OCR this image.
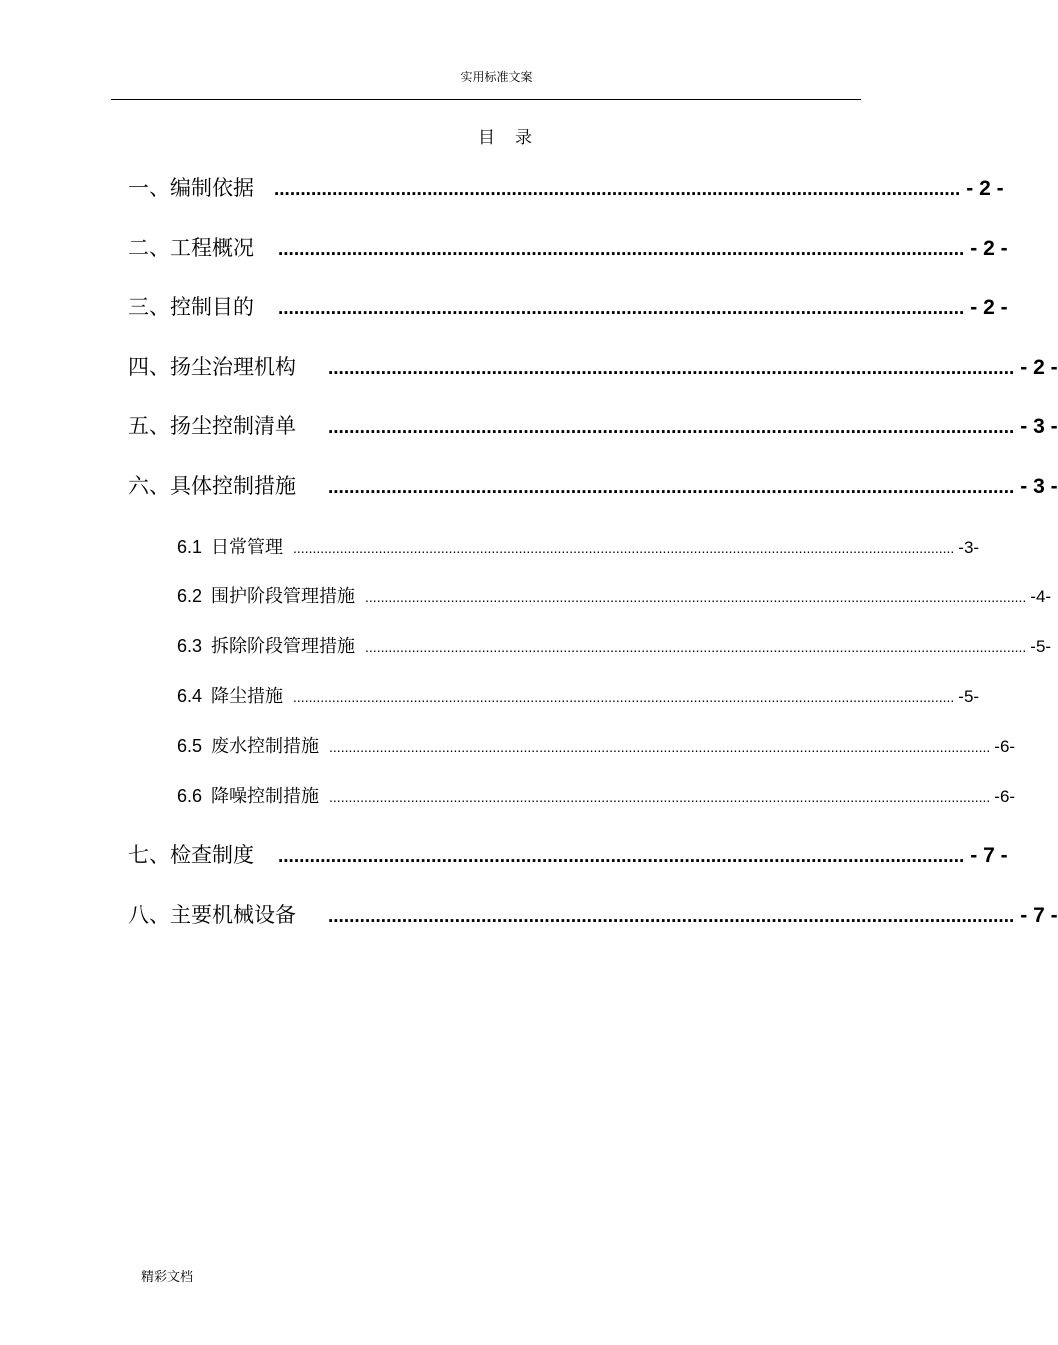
实用标准文案
目录
一、编制依据 .................................................................................................................................. - 2 -
二、工程概况 .................................................................................................................................. - 2 -
三、控制目的 .................................................................................................................................. - 2 -
四、扬尘治理机构 .................................................................................................................................. - 2 -
五、扬尘控制清单 .................................................................................................................................. - 3 -
六、具体控制措施 .................................................................................................................................. - 3 -
6.1 日常管理 .......................................................................................................................................................................... -3-
6.2 围护阶段管理措施 .......................................................................................................................................................................... -4-
6.3 拆除阶段管理措施 .......................................................................................................................................................................... -5-
6.4 降尘措施 .......................................................................................................................................................................... -5-
6.5 废水控制措施 .......................................................................................................................................................................... -6-
6.6 降噪控制措施 .......................................................................................................................................................................... -6-
七、检查制度 .................................................................................................................................. - 7 -
八、主要机械设备 .................................................................................................................................. - 7 -
精彩文档
